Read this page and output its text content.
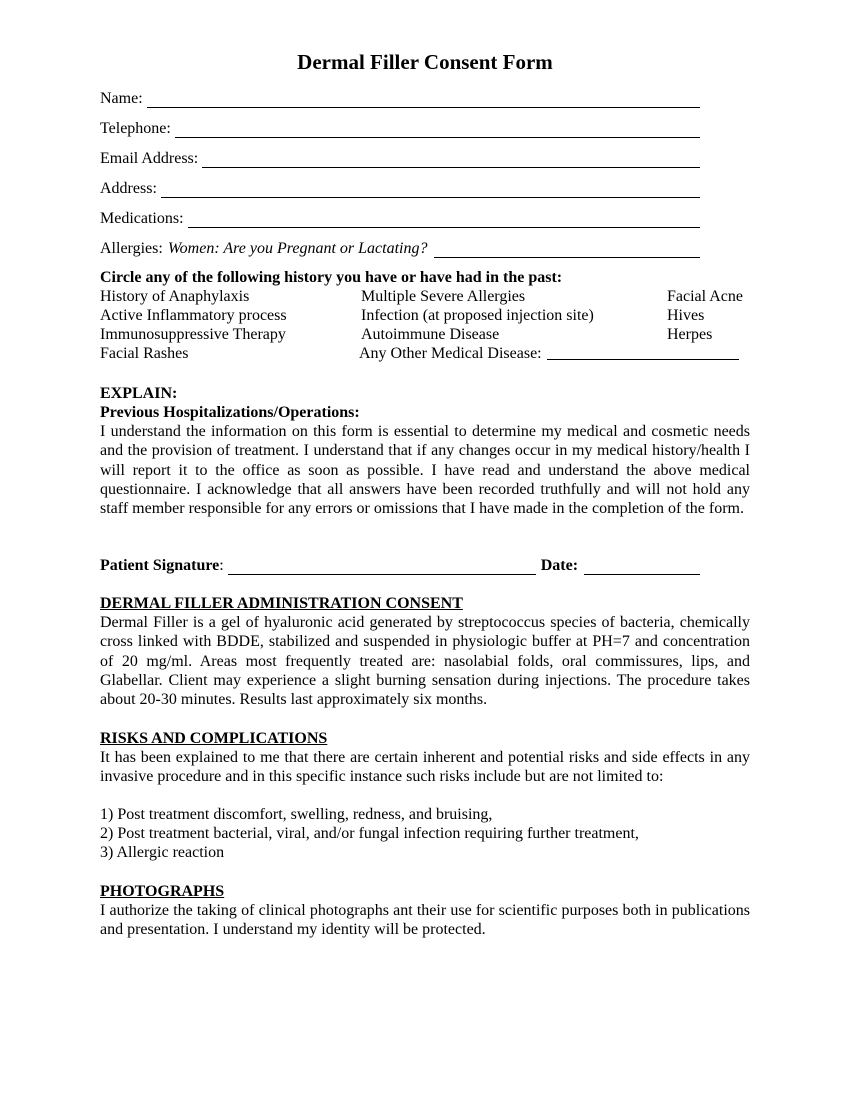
Dermal Filler Consent Form
Name:
Telephone:
Email Address:
Address:
Medications:
Allergies: Women: Are you Pregnant or Lactating?
Circle any of the following history you have or have had in the past:
History of Anaphylaxis
Active Inflammatory process
Immunosuppressive Therapy
Facial Rashes
Multiple Severe Allergies
Infection (at proposed injection site)
Autoimmune Disease
Any Other Medical Disease:
Facial Acne
Hives
Herpes
EXPLAIN:
Previous Hospitalizations/Operations:
I understand the information on this form is essential to determine my medical and cosmetic needs and the provision of treatment. I understand that if any changes occur in my medical history/health I will report it to the office as soon as possible. I have read and understand the above medical questionnaire. I acknowledge that all answers have been recorded truthfully and will not hold any staff member responsible for any errors or omissions that I have made in the completion of the form.
Patient Signature :	Date:
DERMAL FILLER ADMINISTRATION CONSENT
Dermal Filler is a gel of hyaluronic acid generated by streptococcus species of bacteria, chemically cross linked with BDDE, stabilized and suspended in physiologic buffer at PH=7 and concentration of 20 mg/ml. Areas most frequently treated are: nasolabial folds, oral commissures, lips, and Glabellar. Client may experience a slight burning sensation during injections. The procedure takes about 20-30 minutes. Results last approximately six months.
RISKS AND COMPLICATIONS
It has been explained to me that there are certain inherent and potential risks and side effects in any invasive procedure and in this specific instance such risks include but are not limited to:
1) Post treatment discomfort, swelling, redness, and bruising,
2) Post treatment bacterial, viral, and/or fungal infection requiring further treatment,
3) Allergic reaction
PHOTOGRAPHS
I authorize the taking of clinical photographs ant their use for scientific purposes both in publications and presentation. I understand my identity will be protected.
